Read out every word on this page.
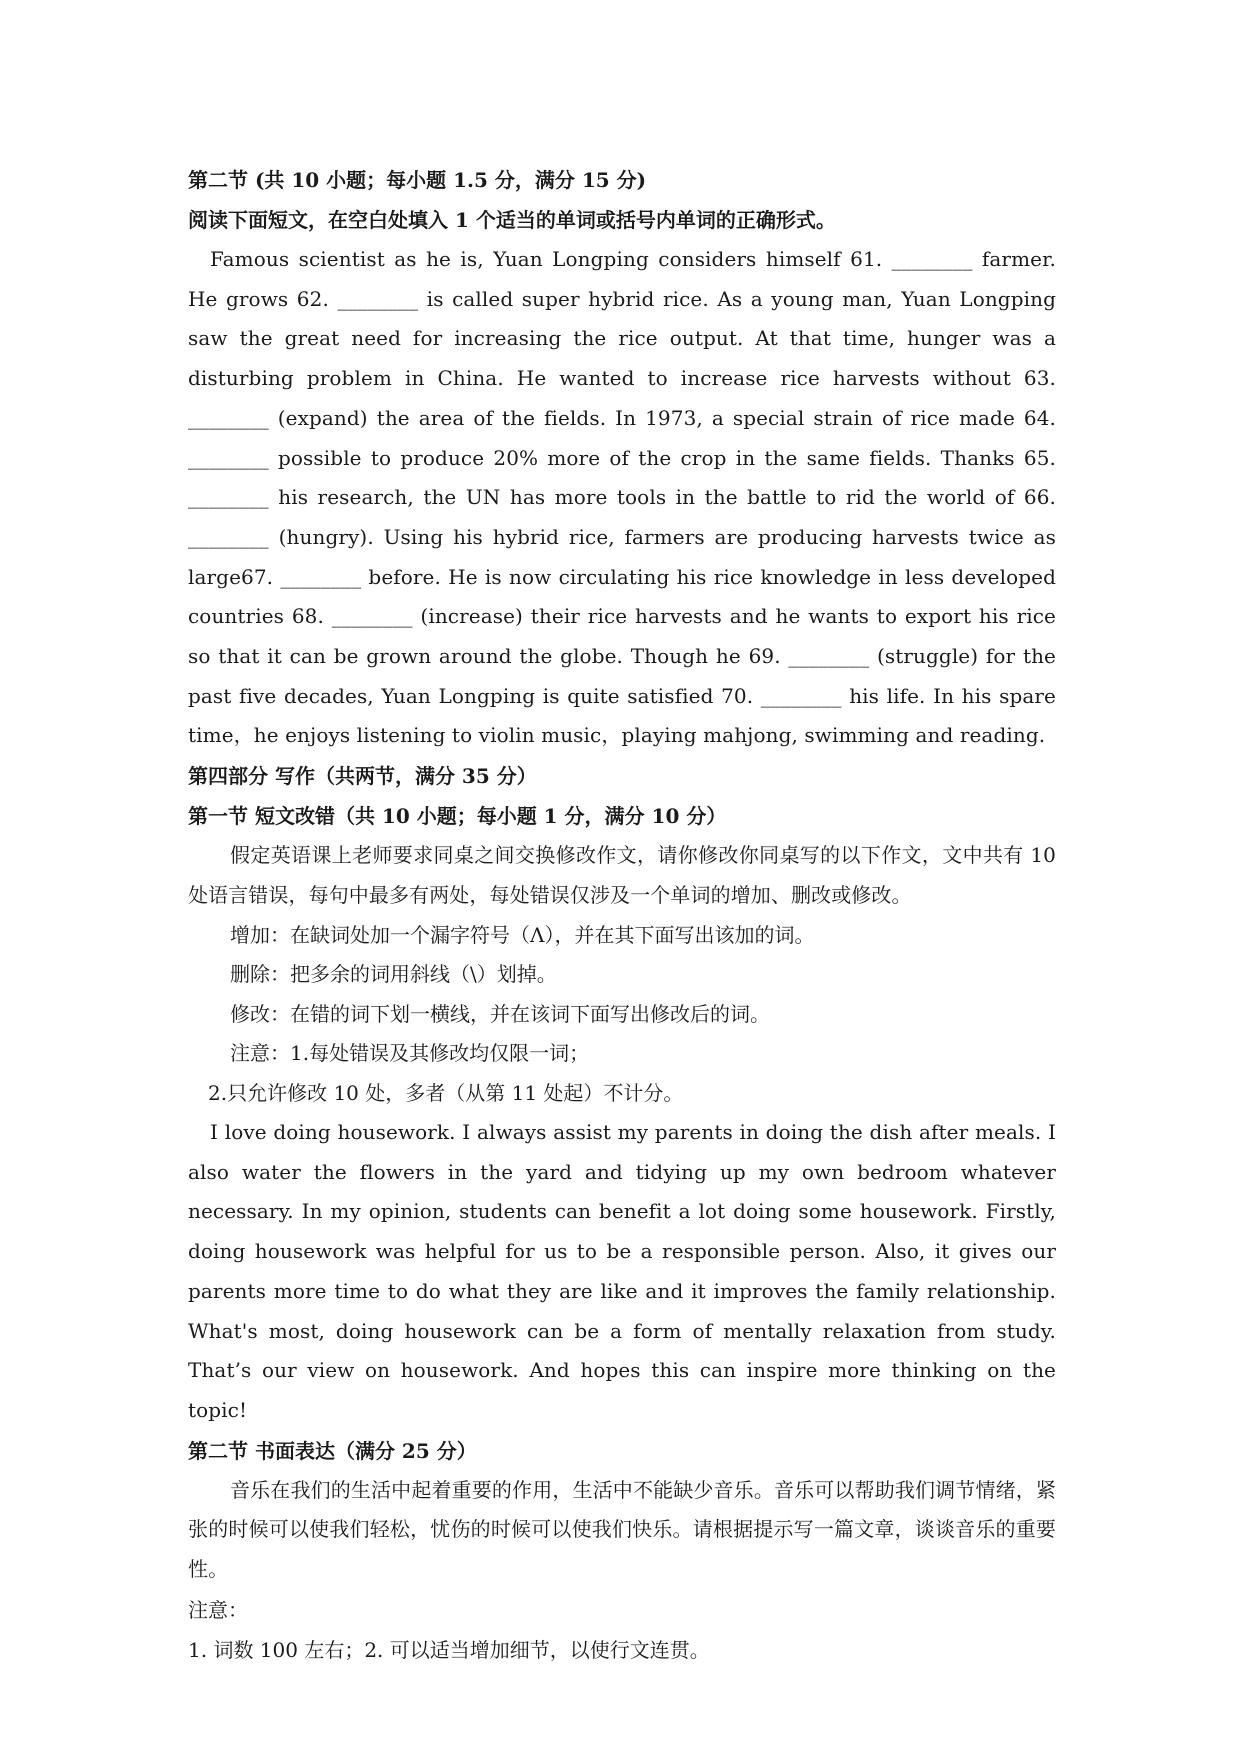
第二节 (共 10 小题；每小题 1.5 分，满分 15 分)

阅读下面短文，在空白处填入 1 个适当的单词或括号内单词的正确形式。

Famous scientist as he is, Yuan Longping considers himself 61. ________ farmer. He grows 62. ________ is called super hybrid rice. As a young man, Yuan Longping saw the great need for increasing the rice output. At that time, hunger was a disturbing problem in China. He wanted to increase rice harvests without 63. ________ (expand) the area of the fields. In 1973, a special strain of rice made 64. ________ possible to produce 20% more of the crop in the same fields. Thanks 65. ________ his research, the UN has more tools in the battle to rid the world of 66. ________ (hungry). Using his hybrid rice, farmers are producing harvests twice as large67. ________ before. He is now circulating his rice knowledge in less developed countries 68. ________ (increase) their rice harvests and he wants to export his rice so that it can be grown around the globe. Though he 69. ________ (struggle) for the past five decades, Yuan Longping is quite satisfied 70. ________ his life. In his spare time，he enjoys listening to violin music，playing mahjong, swimming and reading.

第四部分 写作（共两节，满分 35 分）

第一节 短文改错（共 10 小题；每小题 1 分，满分 10 分）

假定英语课上老师要求同桌之间交换修改作文，请你修改你同桌写的以下作文，文中共有 10 处语言错误，每句中最多有两处，每处错误仅涉及一个单词的增加、删改或修改。

增加：在缺词处加一个漏字符号（Λ），并在其下面写出该加的词。

删除：把多余的词用斜线（\）划掉。

修改：在错的词下划一横线，并在该词下面写出修改后的词。

注意：1.每处错误及其修改均仅限一词；

2.只允许修改 10 处，多者（从第 11 处起）不计分。

I love doing housework. I always assist my parents in doing the dish after meals. I also water the flowers in the yard and tidying up my own bedroom whatever necessary. In my opinion, students can benefit a lot doing some housework. Firstly, doing housework was helpful for us to be a responsible person. Also, it gives our parents more time to do what they are like and it improves the family relationship. What's most, doing housework can be a form of mentally relaxation from study. That’s our view on housework. And hopes this can inspire more thinking on the topic!

第二节 书面表达（满分 25 分）

音乐在我们的生活中起着重要的作用，生活中不能缺少音乐。音乐可以帮助我们调节情绪，紧张的时候可以使我们轻松，忧伤的时候可以使我们快乐。请根据提示写一篇文章，谈谈音乐的重要性。

注意：

1. 词数 100 左右；2. 可以适当增加细节，以使行文连贯。
